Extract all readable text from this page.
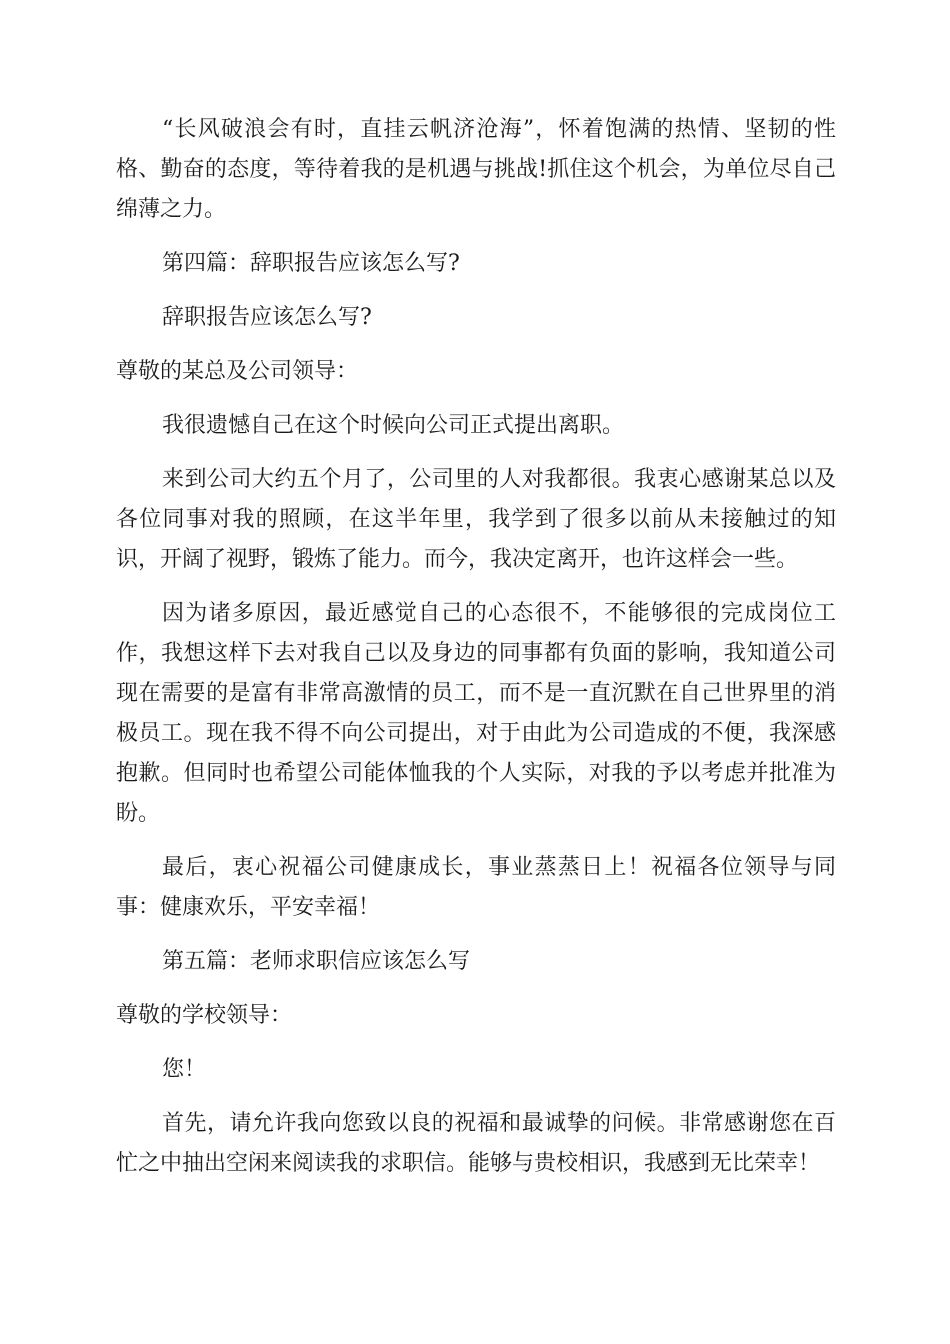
“长风破浪会有时，直挂云帆济沧海”，怀着饱满的热情、坚韧的性格、勤奋的态度，等待着我的是机遇与挑战!抓住这个机会，为单位尽自己绵薄之力。

第四篇：辞职报告应该怎么写?

辞职报告应该怎么写?

尊敬的某总及公司领导：

我很遗憾自己在这个时候向公司正式提出离职。

来到公司大约五个月了，公司里的人对我都很。我衷心感谢某总以及各位同事对我的照顾，在这半年里，我学到了很多以前从未接触过的知识，开阔了视野，锻炼了能力。而今，我决定离开，也许这样会一些。

因为诸多原因，最近感觉自己的心态很不，不能够很的完成岗位工作，我想这样下去对我自己以及身边的同事都有负面的影响，我知道公司现在需要的是富有非常高激情的员工，而不是一直沉默在自己世界里的消极员工。现在我不得不向公司提出，对于由此为公司造成的不便，我深感抱歉。但同时也希望公司能体恤我的个人实际，对我的予以考虑并批准为盼。

最后，衷心祝福公司健康成长，事业蒸蒸日上！祝福各位领导与同事：健康欢乐，平安幸福！

第五篇：老师求职信应该怎么写

尊敬的学校领导：

您！

首先，请允许我向您致以良的祝福和最诚挚的问候。非常感谢您在百忙之中抽出空闲来阅读我的求职信。能够与贵校相识，我感到无比荣幸！
